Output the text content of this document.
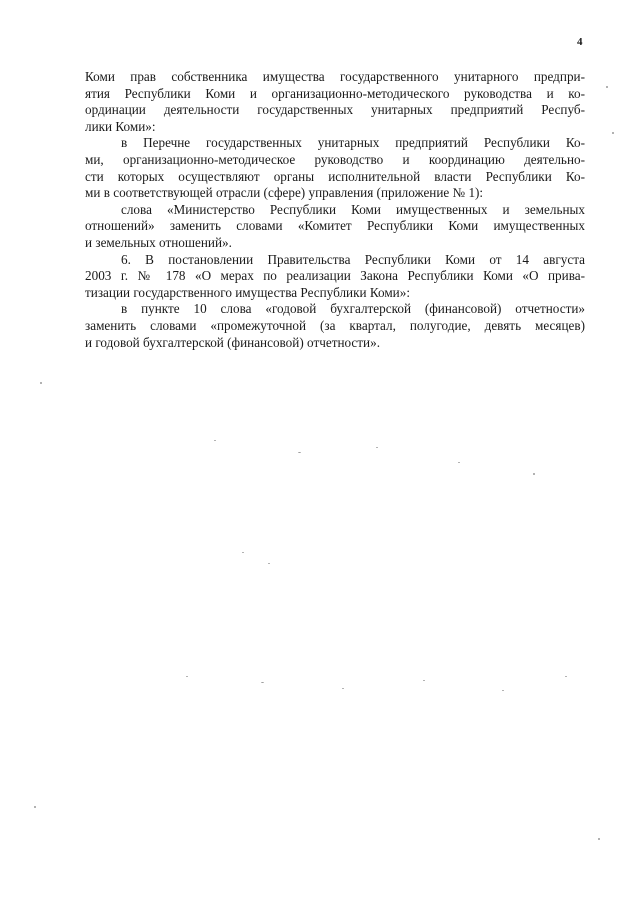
4
Коми прав собственника имущества государственного унитарного предпри-
ятия Республики Коми и организационно-методического руководства и ко-
ординации деятельности государственных унитарных предприятий Респуб-
лики Коми»:
в Перечне государственных унитарных предприятий Республики Ко-
ми, организационно-методическое руководство и координацию деятельно-
сти которых осуществляют органы исполнительной власти Республики Ко-
ми в соответствующей отрасли (сфере) управления (приложение № 1):
слова «Министерство Республики Коми имущественных и земельных
отношений» заменить словами «Комитет Республики Коми имущественных
и земельных отношений».
6. В постановлении Правительства Республики Коми от 14 августа
2003 г. № 178 «О мерах по реализации Закона Республики Коми «О прива-
тизации государственного имущества Республики Коми»:
в пункте 10 слова «годовой бухгалтерской (финансовой) отчетности»
заменить словами «промежуточной (за квартал, полугодие, девять месяцев)
и годовой бухгалтерской (финансовой) отчетности».
